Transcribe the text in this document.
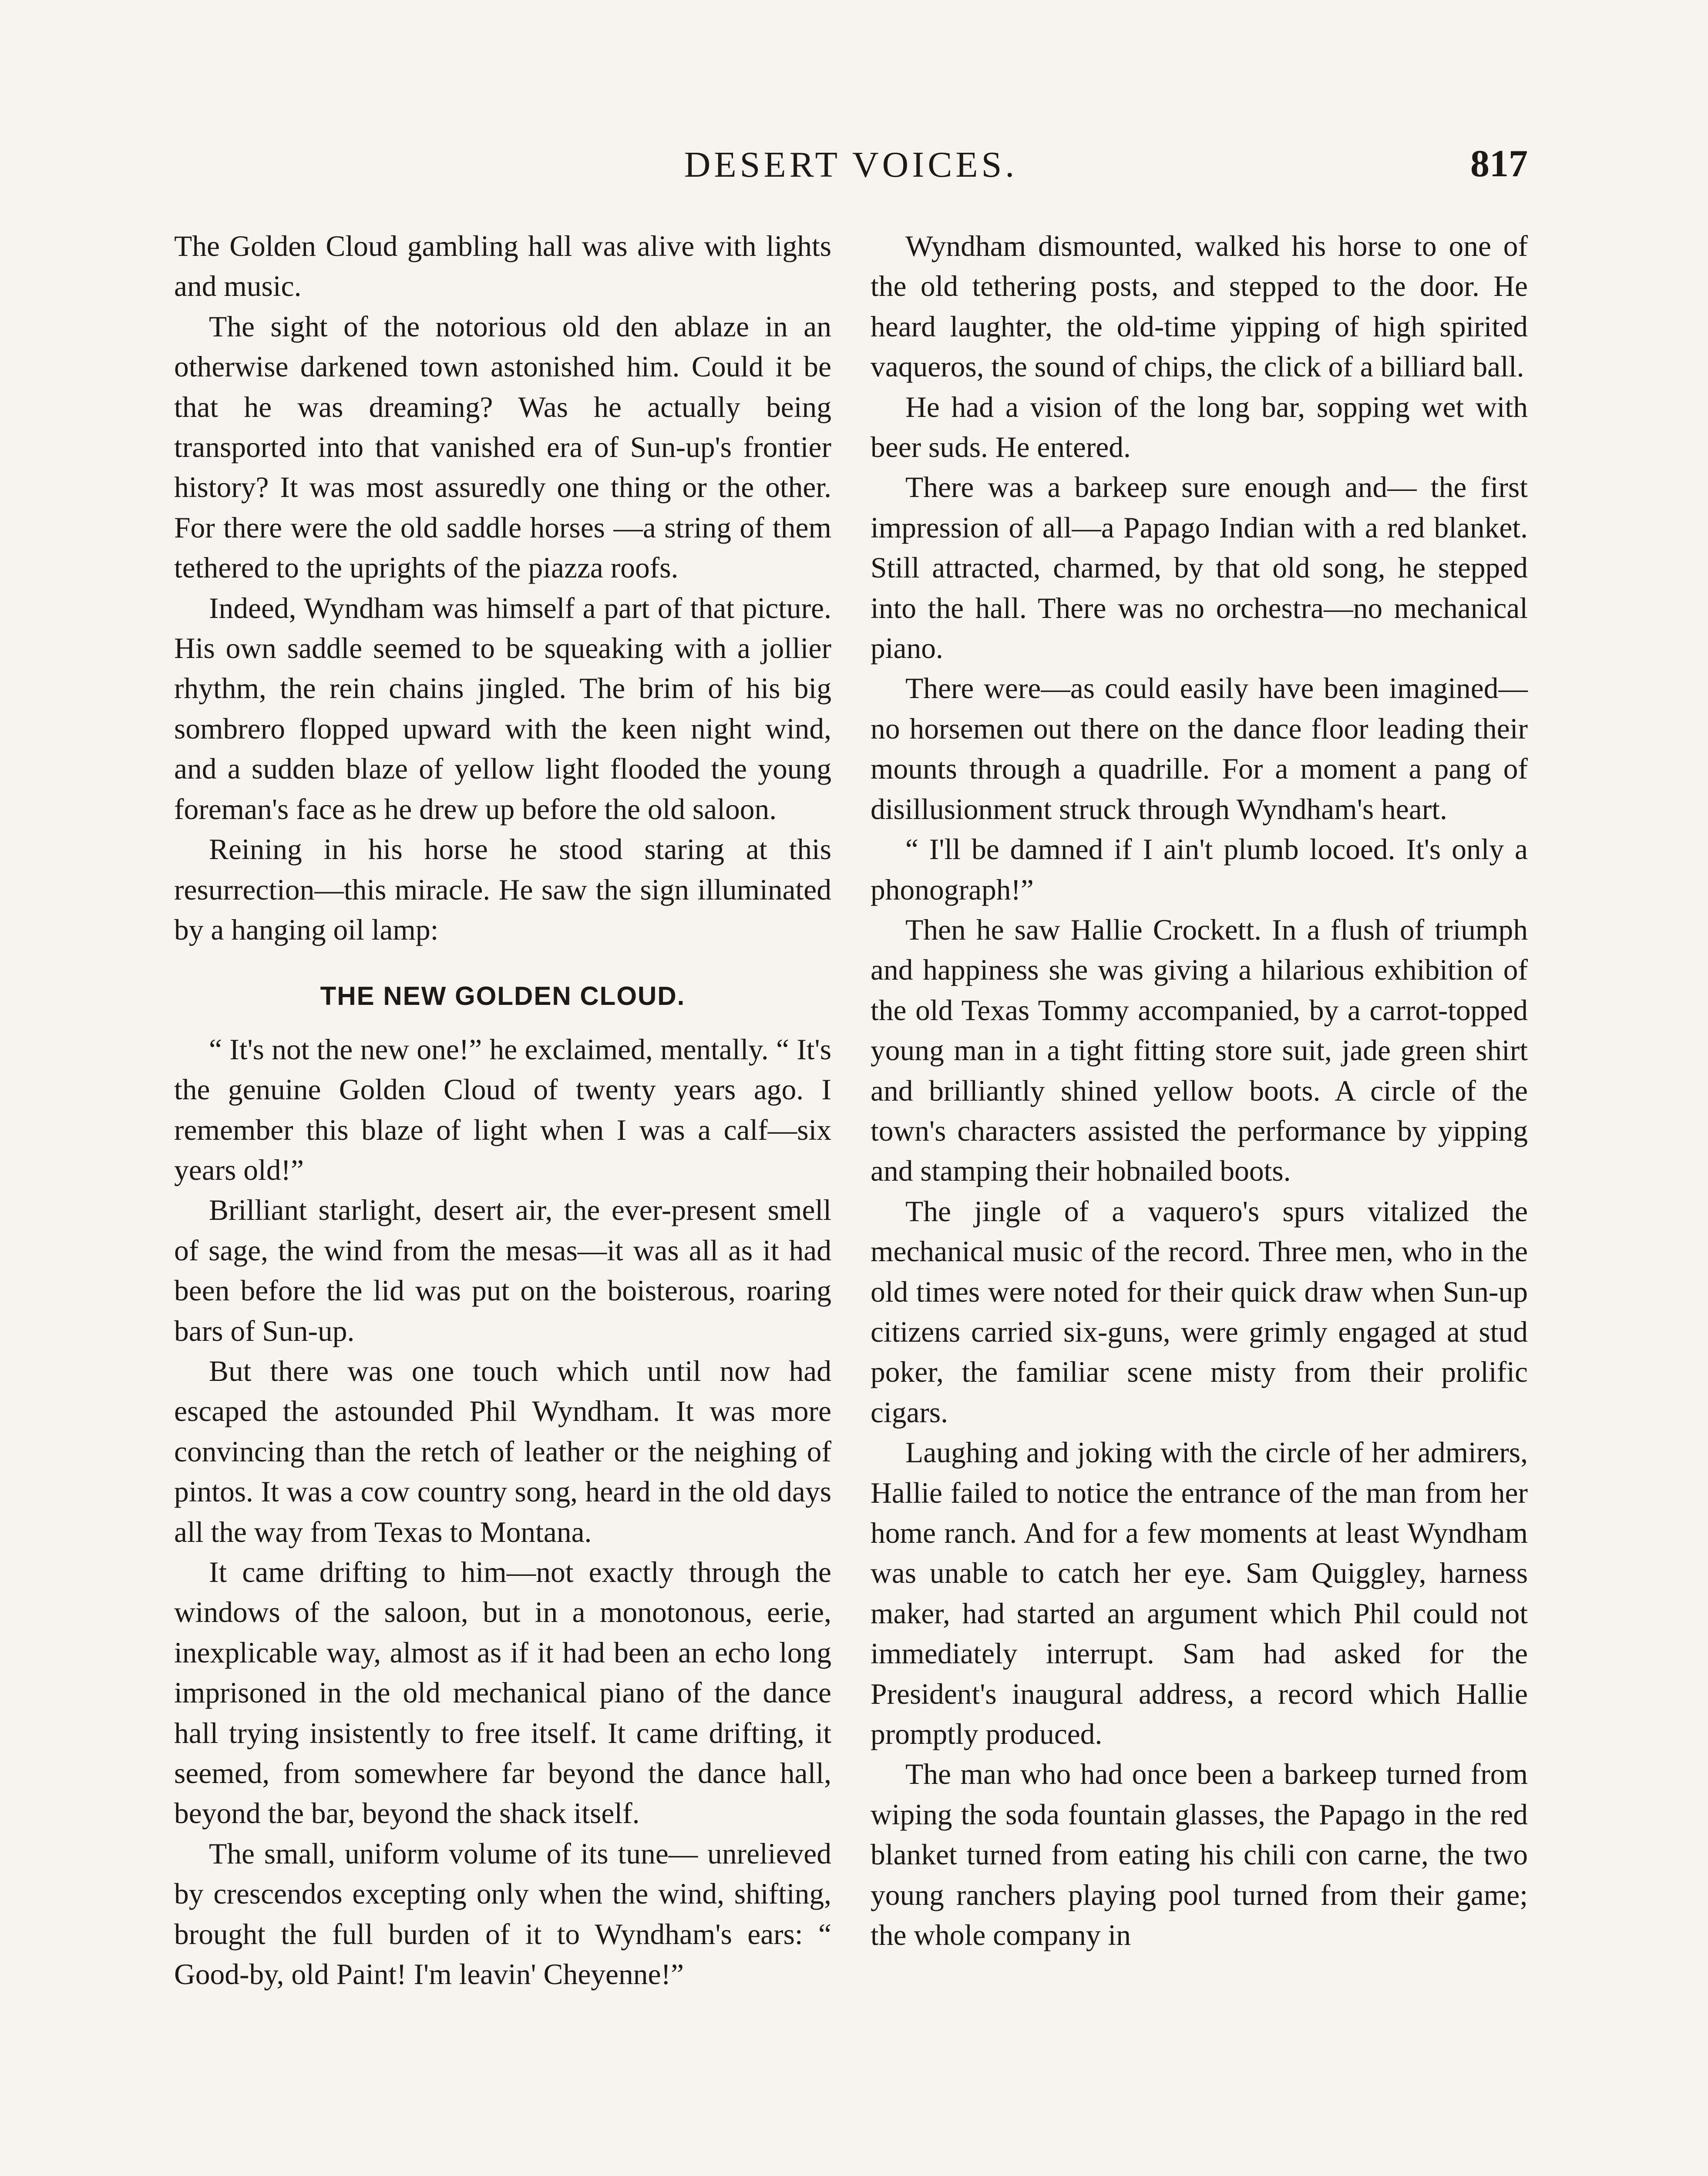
DESERT VOICES.	817

The Golden Cloud gambling hall was alive with lights and music.

The sight of the notorious old den ablaze in an otherwise darkened town astonished him. Could it be that he was dreaming? Was he actually being transported into that vanished era of Sun-up's frontier history? It was most assuredly one thing or the other. For there were the old saddle horses —a string of them tethered to the uprights of the piazza roofs.

Indeed, Wyndham was himself a part of that picture. His own saddle seemed to be squeaking with a jollier rhythm, the rein chains jingled. The brim of his big sombrero flopped upward with the keen night wind, and a sudden blaze of yellow light flooded the young foreman's face as he drew up before the old saloon.

Reining in his horse he stood staring at this resurrection—this miracle. He saw the sign illuminated by a hanging oil lamp:

THE NEW GOLDEN CLOUD.

“ It's not the new one!” he exclaimed, mentally. “ It's the genuine Golden Cloud of twenty years ago. I remember this blaze of light when I was a calf—six years old!”

Brilliant starlight, desert air, the ever-present smell of sage, the wind from the mesas—it was all as it had been before the lid was put on the boisterous, roaring bars of Sun-up.

But there was one touch which until now had escaped the astounded Phil Wyndham. It was more convincing than the retch of leather or the neighing of pintos. It was a cow country song, heard in the old days all the way from Texas to Montana.

It came drifting to him—not exactly through the windows of the saloon, but in a monotonous, eerie, inexplicable way, almost as if it had been an echo long imprisoned in the old mechanical piano of the dance hall trying insistently to free itself. It came drifting, it seemed, from somewhere far beyond the dance hall, beyond the bar, beyond the shack itself.

The small, uniform volume of its tune— unrelieved by crescendos excepting only when the wind, shifting, brought the full burden of it to Wyndham's ears: “ Good-by, old Paint! I'm leavin' Cheyenne!”

Wyndham dismounted, walked his horse to one of the old tethering posts, and stepped to the door. He heard laughter, the old-time yipping of high spirited vaqueros, the sound of chips, the click of a billiard ball.

He had a vision of the long bar, sopping wet with beer suds. He entered.

There was a barkeep sure enough and— the first impression of all—a Papago Indian with a red blanket. Still attracted, charmed, by that old song, he stepped into the hall. There was no orchestra—no mechanical piano.

There were—as could easily have been imagined—no horsemen out there on the dance floor leading their mounts through a quadrille. For a moment a pang of disillusionment struck through Wyndham's heart.

“ I'll be damned if I ain't plumb locoed. It's only a phonograph!”

Then he saw Hallie Crockett. In a flush of triumph and happiness she was giving a hilarious exhibition of the old Texas Tommy accompanied, by a carrot-topped young man in a tight fitting store suit, jade green shirt and brilliantly shined yellow boots. A circle of the town's characters assisted the performance by yipping and stamping their hobnailed boots.

The jingle of a vaquero's spurs vitalized the mechanical music of the record. Three men, who in the old times were noted for their quick draw when Sun-up citizens carried six-guns, were grimly engaged at stud poker, the familiar scene misty from their prolific cigars.

Laughing and joking with the circle of her admirers, Hallie failed to notice the entrance of the man from her home ranch. And for a few moments at least Wyndham was unable to catch her eye. Sam Quiggley, harness maker, had started an argument which Phil could not immediately interrupt. Sam had asked for the President's inaugural address, a record which Hallie promptly produced.

The man who had once been a barkeep turned from wiping the soda fountain glasses, the Papago in the red blanket turned from eating his chili con carne, the two young ranchers playing pool turned from their game; the whole company in
